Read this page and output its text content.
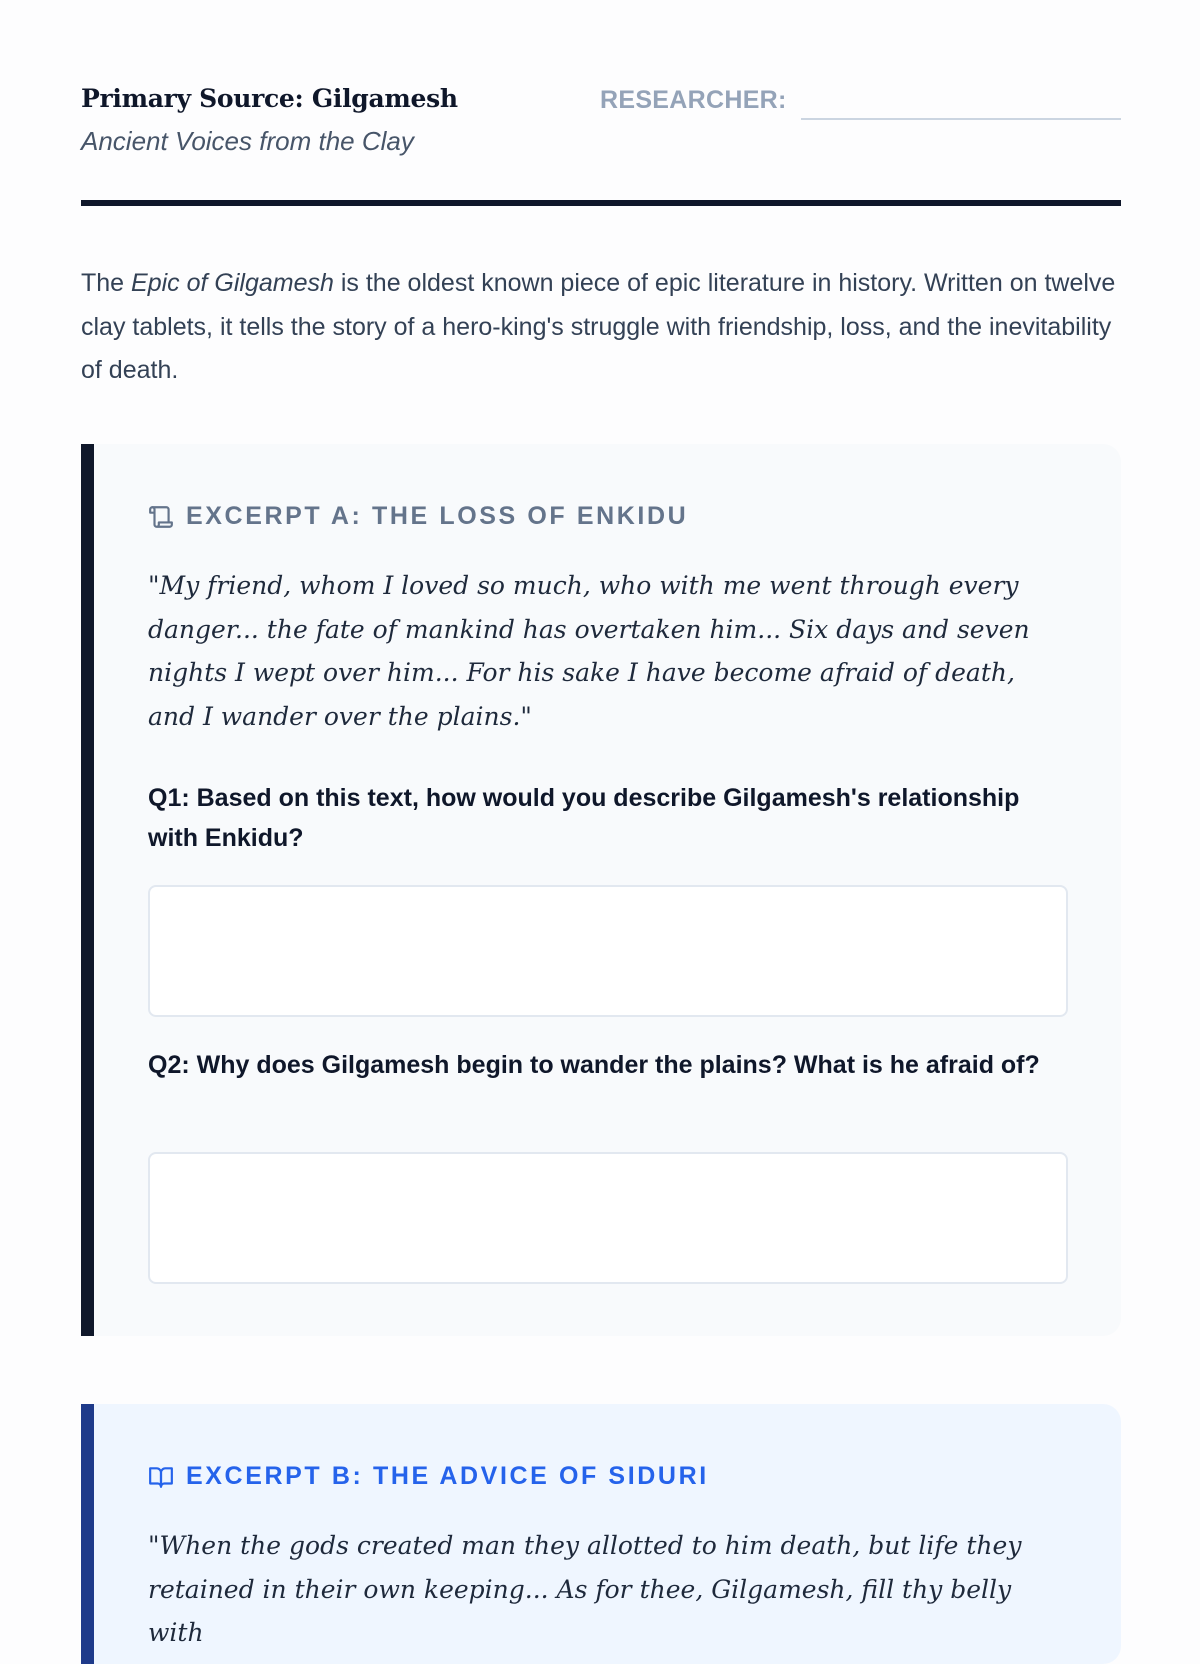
Primary Source: Gilgamesh
Ancient Voices from the Clay
RESEARCHER:

The Epic of Gilgamesh is the oldest known piece of epic literature in history. Written on twelve clay tablets, it tells the story of a hero-king's struggle with friendship, loss, and the inevitability of death.

EXCERPT A: THE LOSS OF ENKIDU

"My friend, whom I loved so much, who with me went through every danger... the fate of mankind has overtaken him... Six days and seven nights I wept over him... For his sake I have become afraid of death, and I wander over the plains."

Q1: Based on this text, how would you describe Gilgamesh's relationship with Enkidu?
Q2: Why does Gilgamesh begin to wander the plains? What is he afraid of?
EXCERPT B: THE ADVICE OF SIDURI

"When the gods created man they allotted to him death, but life they retained in their own keeping... As for thee, Gilgamesh, fill thy belly with
